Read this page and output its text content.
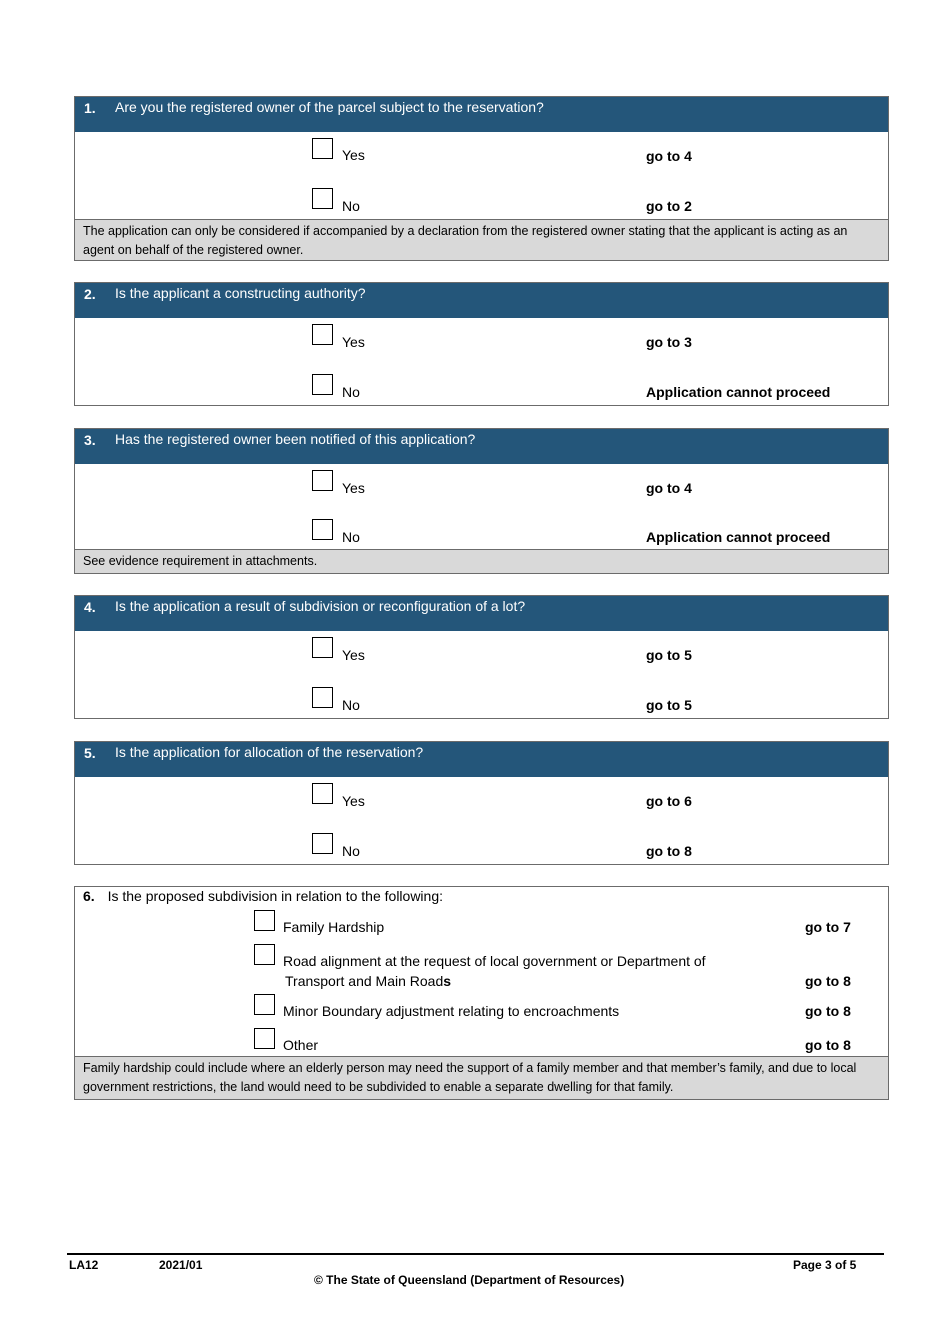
1. Are you the registered owner of the parcel subject to the reservation?
Yes	go to 4
No	go to 2
The application can only be considered if accompanied by a declaration from the registered owner stating that the applicant is acting as an agent on behalf of the registered owner.
2. Is the applicant a constructing authority?
Yes	go to 3
No	Application cannot proceed
3. Has the registered owner been notified of this application?
Yes	go to 4
No	Application cannot proceed
See evidence requirement in attachments.
4. Is the application a result of subdivision or reconfiguration of a lot?
Yes	go to 5
No	go to 5
5. Is the application for allocation of the reservation?
Yes	go to 6
No	go to 8
6. Is the proposed subdivision in relation to the following:
Family Hardship	go to 7
Road alignment at the request of local government or Department of
Transport and Main Roads	go to 8
Minor Boundary adjustment relating to encroachments	go to 8
Other	go to 8
Family hardship could include where an elderly person may need the support of a family member and that member’s family, and due to local government restrictions, the land would need to be subdivided to enable a separate dwelling for that family.
LA12	2021/01	Page 3 of 5
© The State of Queensland (Department of Resources)
